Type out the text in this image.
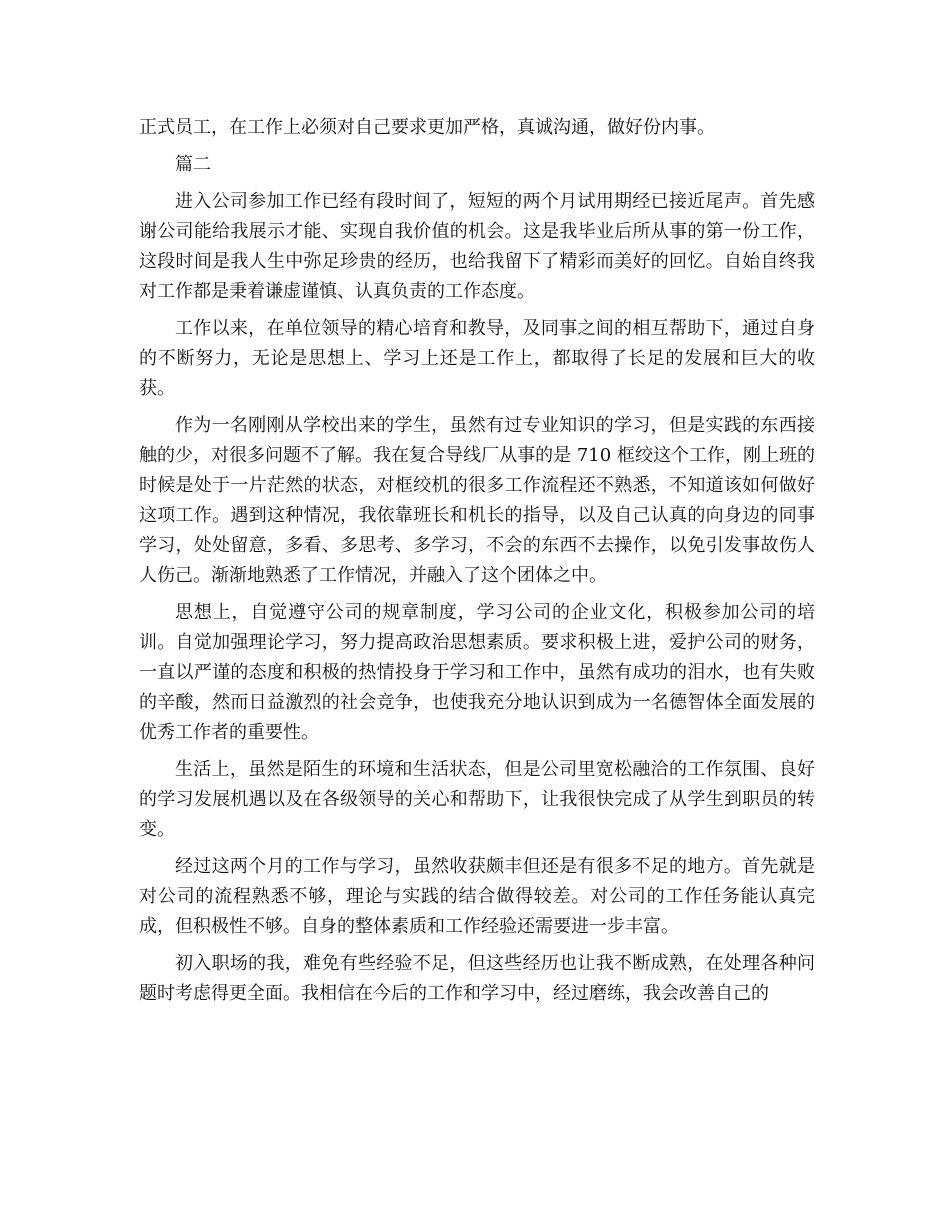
正式员工，在工作上必须对自己要求更加严格，真诚沟通，做好份内事。

篇二

进入公司参加工作已经有段时间了，短短的两个月试用期经已接近尾声。首先感谢公司能给我展示才能、实现自我价值的机会。这是我毕业后所从事的第一份工作，这段时间是我人生中弥足珍贵的经历，也给我留下了精彩而美好的回忆。自始自终我对工作都是秉着谦虚谨慎、认真负责的工作态度。

工作以来，在单位领导的精心培育和教导，及同事之间的相互帮助下，通过自身的不断努力，无论是思想上、学习上还是工作上，都取得了长足的发展和巨大的收获。

作为一名刚刚从学校出来的学生，虽然有过专业知识的学习，但是实践的东西接触的少，对很多问题不了解。我在复合导线厂从事的是 710 框绞这个工作，刚上班的时候是处于一片茫然的状态，对框绞机的很多工作流程还不熟悉，不知道该如何做好这项工作。遇到这种情况，我依靠班长和机长的指导，以及自己认真的向身边的同事学习，处处留意，多看、多思考、多学习，不会的东西不去操作，以免引发事故伤人人伤己。渐渐地熟悉了工作情况，并融入了这个团体之中。

思想上，自觉遵守公司的规章制度，学习公司的企业文化，积极参加公司的培训。自觉加强理论学习，努力提高政治思想素质。要求积极上进，爱护公司的财务，一直以严谨的态度和积极的热情投身于学习和工作中，虽然有成功的泪水，也有失败的辛酸，然而日益激烈的社会竞争，也使我充分地认识到成为一名德智体全面发展的优秀工作者的重要性。

生活上，虽然是陌生的环境和生活状态，但是公司里宽松融洽的工作氛围、良好的学习发展机遇以及在各级领导的关心和帮助下，让我很快完成了从学生到职员的转变。

经过这两个月的工作与学习，虽然收获颇丰但还是有很多不足的地方。首先就是对公司的流程熟悉不够，理论与实践的结合做得较差。对公司的工作任务能认真完成，但积极性不够。自身的整体素质和工作经验还需要进一步丰富。

初入职场的我，难免有些经验不足，但这些经历也让我不断成熟，在处理各种问题时考虑得更全面。我相信在今后的工作和学习中，经过磨练，我会改善自己的
